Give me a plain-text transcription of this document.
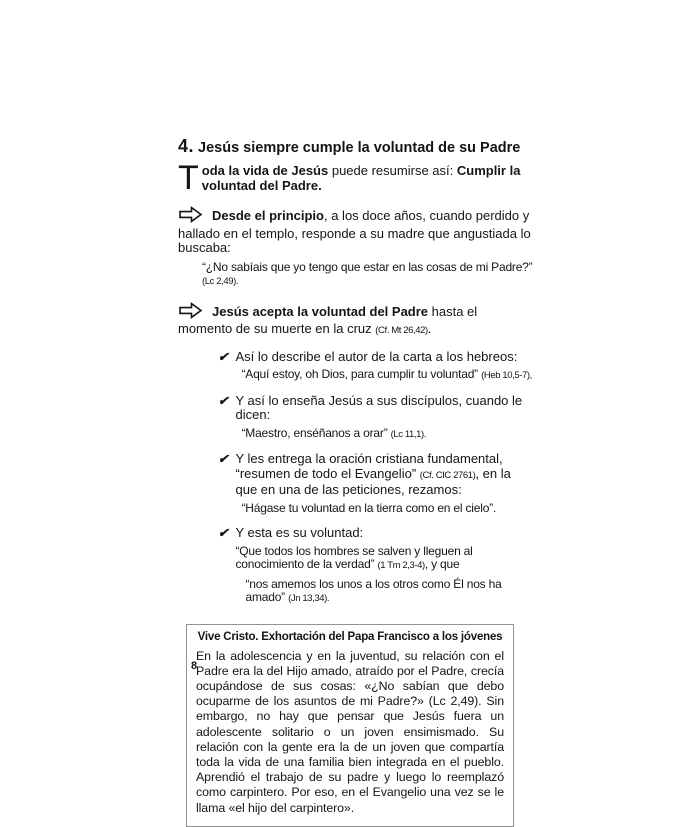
4. Jesús siempre cumple la voluntad de su Padre
Toda la vida de Jesús puede resumirse así: Cumplir la voluntad del Padre.
Desde el principio, a los doce años, cuando perdido y hallado en el templo, responde a su madre que angustiada lo buscaba:
“¿No sabíais que yo tengo que estar en las cosas de mi Padre?” (Lc 2,49).
Jesús acepta la voluntad del Padre hasta el momento de su muerte en la cruz (Cf. Mt 26,42).
✔ Así lo describe el autor de la carta a los hebreos:
“Aquí estoy, oh Dios, para cumplir tu voluntad” (Heb 10,5-7),
✔ Y así lo enseña Jesús a sus discípulos, cuando le dicen:
“Maestro, enséñanos a orar” (Lc 11,1).
✔ Y les entrega la oración cristiana fundamental, “resumen de todo el Evangelio” (Cf. CIC 2761), en la que en una de las peticiones, rezamos:
“Hágase tu voluntad en la tierra como en el cielo”.
✔ Y esta es su voluntad:
“Que todos los hombres se salven y lleguen al conocimiento de la verdad” (1 Tm 2,3-4), y que
“nos amemos los unos a los otros como Él nos ha amado” (Jn 13,34).
Vive Cristo. Exhortación del Papa Francisco a los jóvenes
En la adolescencia y en la juventud, su relación con el Padre era la del Hijo amado, atraído por el Padre, crecía ocupándose de sus cosas: «¿No sabían que debo ocuparme de los asuntos de mi Padre?» (Lc 2,49). Sin embargo, no hay que pensar que Jesús fuera un adolescente solitario o un joven ensimismado. Su relación con la gente era la de un joven que compartía toda la vida de una familia bien integrada en el pueblo. Aprendió el trabajo de su padre y luego lo reemplazó como carpintero. Por eso, en el Evangelio una vez se le llama «el hijo del carpintero».
8
